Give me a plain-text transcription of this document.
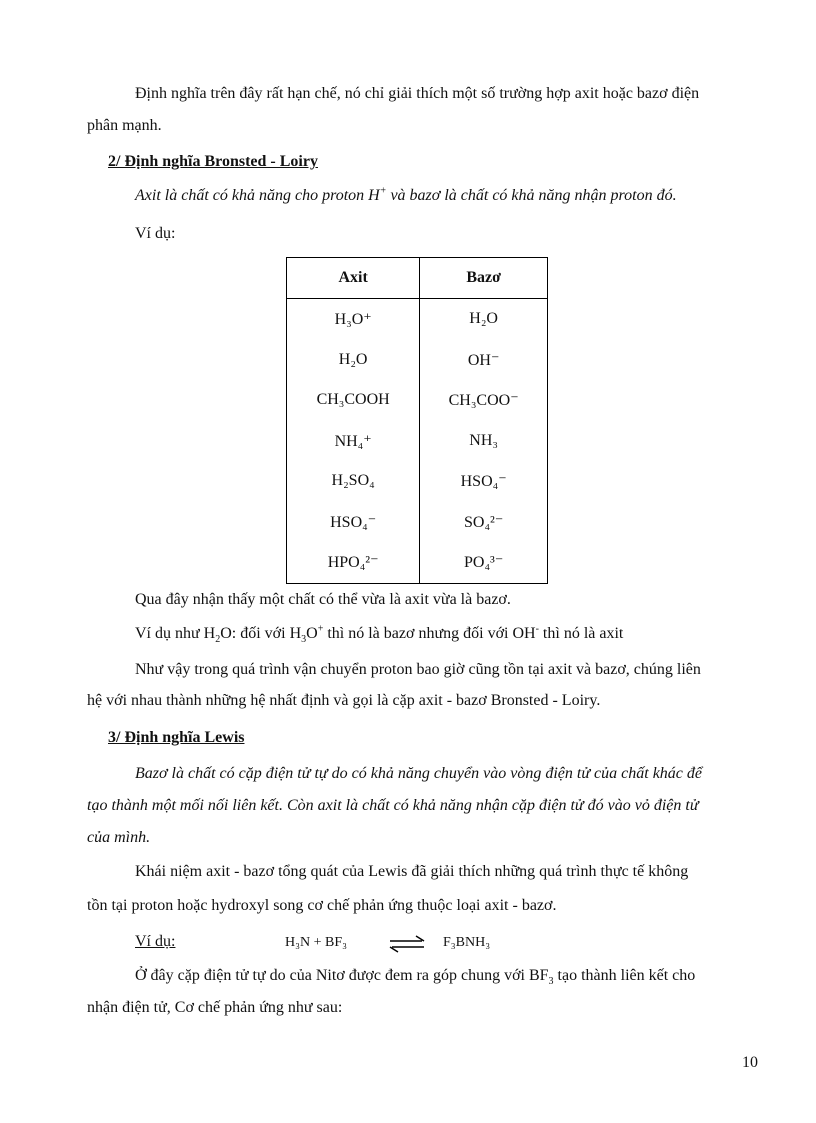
Định nghĩa trên đây rất hạn chế, nó chỉ giải thích một số trường hợp axit hoặc bazơ điện
phân mạnh.
2/ Định nghĩa Bronsted - Loiry
Axit là chất có khả năng cho proton H+ và bazơ là chất có khả năng nhận proton đó.
Ví dụ:
Axit	Bazơ
H₃O⁺	H₂O
H₂O	OH⁻
CH₃COOH	CH₃COO⁻
NH₄⁺	NH₃
H₂SO₄	HSO₄⁻
HSO₄⁻	SO₄²⁻
HPO₄²⁻	PO₄³⁻
Qua đây nhận thấy một chất có thể vừa là axit vừa là bazơ.
Ví dụ như $H_2O$: đối với $H_3O^+$ thì nó là bazơ nhưng đối với OH- thì nó là axit
Như vậy trong quá trình vận chuyển proton bao giờ cũng tồn tại axit và bazơ, chúng liên
hệ với nhau thành những hệ nhất định và gọi là cặp axit - bazơ Bronsted - Loiry.
3/ Định nghĩa Lewis
Bazơ là chất có cặp điện tử tự do có khả năng chuyển vào vòng điện tử của chất khác để
tạo thành một mối nối liên kết. Còn axit là chất có khả năng nhận cặp điện tử đó vào vỏ điện tử
của mình.
Khái niệm axit - bazơ tổng quát của Lewis đã giải thích những quá trình thực tế không
tồn tại proton hoặc hydroxyl song cơ chế phản ứng thuộc loại axit - bazơ.
Ví dụ:	H₃N + BF₃ ⇌ F₃BNH₃
Ở đây cặp điện tử tự do của Nitơ được đem ra góp chung với $BF_3$ tạo thành liên kết cho
nhận điện tử, Cơ chế phản ứng như sau:
10
